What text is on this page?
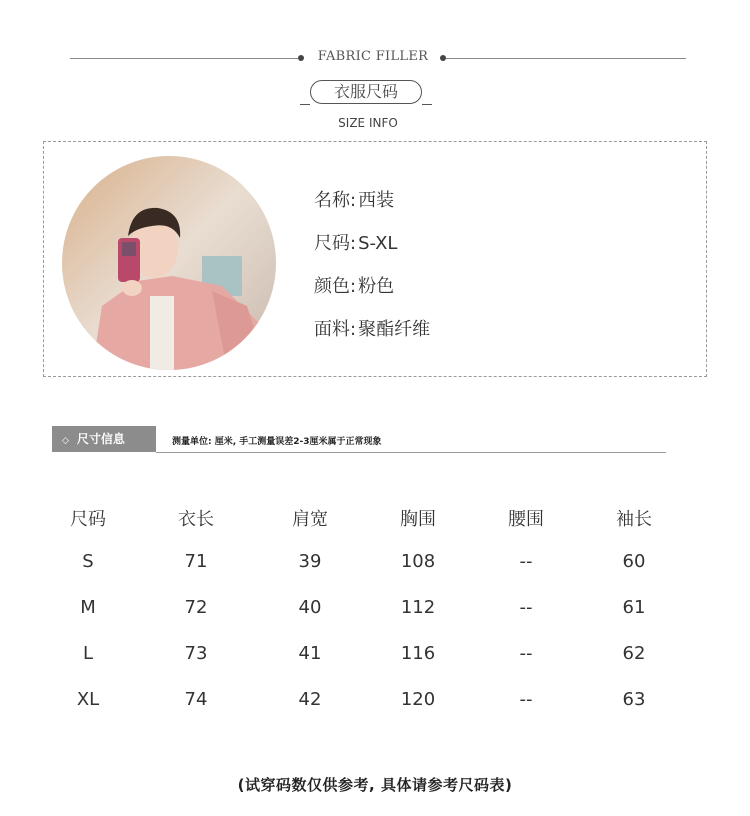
FABRIC FILLER
衣服尺码
SIZE INFO
名称: 西装
尺码: S-XL
颜色: 粉色
面料: 聚酯纤维
◇ 尺寸信息	测量单位: 厘米, 手工测量误差2-3厘米属于正常现象
尺码	衣长	肩宽	胸围	腰围	袖长
S	71	39	108	--	60
M	72	40	112	--	61
L	73	41	116	--	62
XL	74	42	120	--	63
(试穿码数仅供参考, 具体请参考尺码表)
